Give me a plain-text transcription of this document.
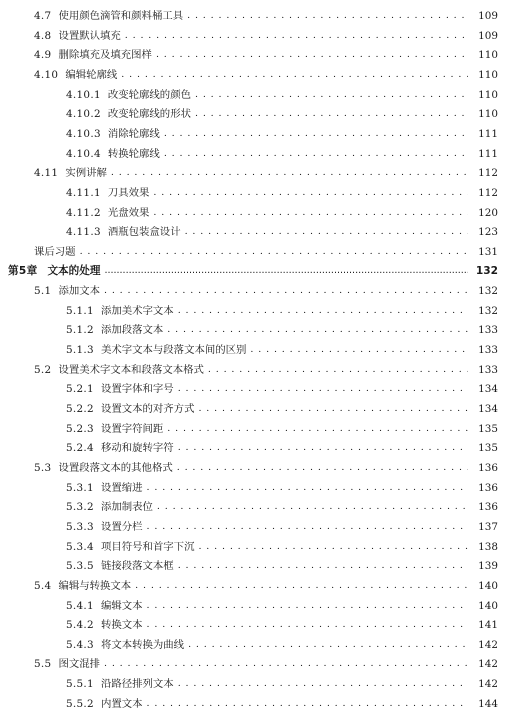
4.7 使用颜色滴管和颜料桶工具 . . .	109
4.8 设置默认填充 . . .	109
4.9 删除填充及填充图样 . . .	110
4.10 编辑轮廓线 . . .	110
4.10.1 改变轮廓线的颜色 . . .	110
4.10.2 改变轮廓线的形状 . . .	110
4.10.3 消除轮廓线 . . .	111
4.10.4 转换轮廓线 . . .	111
4.11 实例讲解 . . .	112
4.11.1 刀具效果 . . .	112
4.11.2 光盘效果 . . .	120
4.11.3 酒瓶包装盒设计 . . .	123
课后习题 . . .	131
第5章 文本的处理 .....	132
5.1 添加文本 . . .	132
5.1.1 添加美术字文本 . . .	132
5.1.2 添加段落文本 . . .	133
5.1.3 美术字文本与段落文本间的区别 . . .	133
5.2 设置美术字文本和段落文本格式 . . .	133
5.2.1 设置字体和字号 . . .	134
5.2.2 设置文本的对齐方式 . . .	134
5.2.3 设置字符间距 . . .	135
5.2.4 移动和旋转字符 . . .	135
5.3 设置段落文本的其他格式 . . .	136
5.3.1 设置缩进 . . .	136
5.3.2 添加制表位 . . .	136
5.3.3 设置分栏 . . .	137
5.3.4 项目符号和首字下沉 . . .	138
5.3.5 链接段落文本框 . . .	139
5.4 编辑与转换文本 . . .	140
5.4.1 编辑文本 . . .	140
5.4.2 转换文本 . . .	141
5.4.3 将文本转换为曲线 . . .	142
5.5 图文混排 . . .	142
5.5.1 沿路径排列文本 . . .	142
5.5.2 内置文本 . . .	144
